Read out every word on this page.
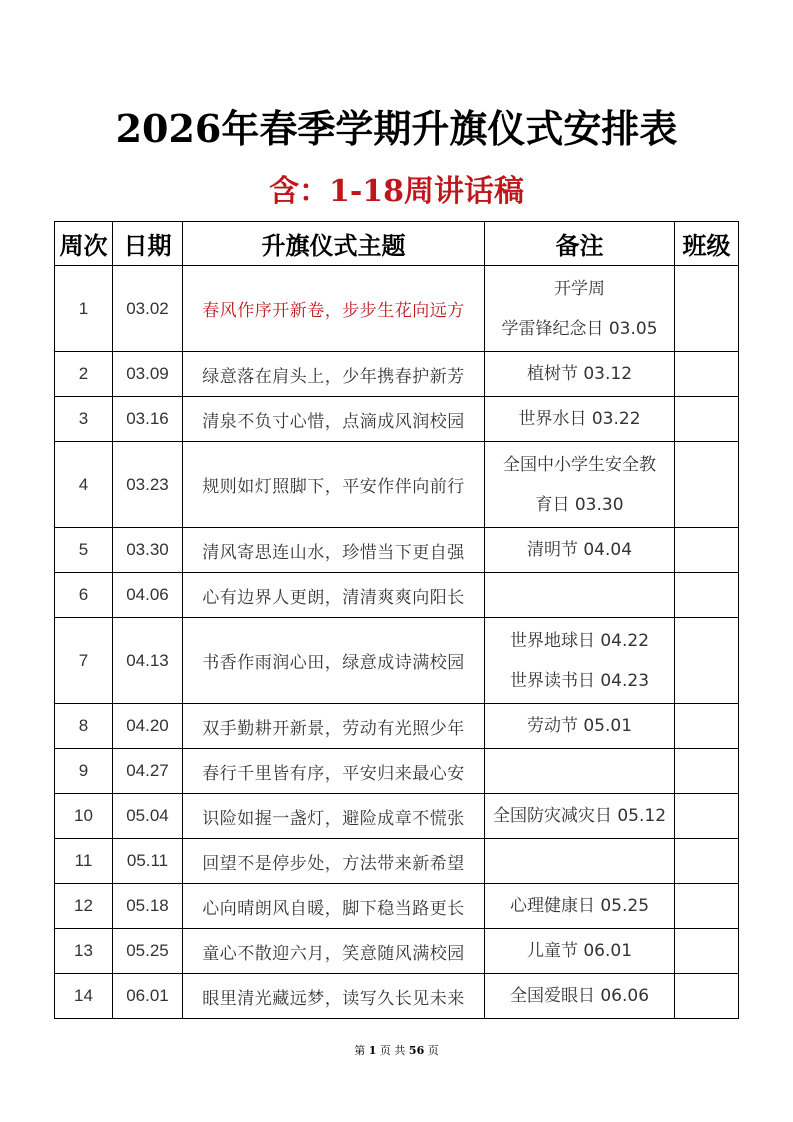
2026年春季学期升旗仪式安排表
含：1-18周讲话稿
周次	日期	升旗仪式主题	备注	班级
1	03.02	春风作序开新卷，步步生花向远方	开学周
学雷锋纪念日 03.05	

2	03.09	绿意落在肩头上，少年携春护新芳	植树节 03.12	

3	03.16	清泉不负寸心惜，点滴成风润校园	世界水日 03.22	

4	03.23	规则如灯照脚下，平安作伴向前行	全国中小学生安全教
育日 03.30	

5	03.30	清风寄思连山水，珍惜当下更自强	清明节 04.04	

6	04.06	心有边界人更朗，清清爽爽向阳长		
7	04.13	书香作雨润心田，绿意成诗满校园	世界地球日 04.22
世界读书日 04.23	

8	04.20	双手勤耕开新景，劳动有光照少年	劳动节 05.01	

9	04.27	春行千里皆有序，平安归来最心安		
10	05.04	识险如握一盏灯，避险成章不慌张	全国防灾减灾日 05.12	

11	05.11	回望不是停步处，方法带来新希望		
12	05.18	心向晴朗风自暖，脚下稳当路更长	心理健康日 05.25	

13	05.25	童心不散迎六月，笑意随风满校园	儿童节 06.01	

14	06.01	眼里清光藏远梦，读写久长见未来	全国爱眼日 06.06	

第 1 页 共 56 页
